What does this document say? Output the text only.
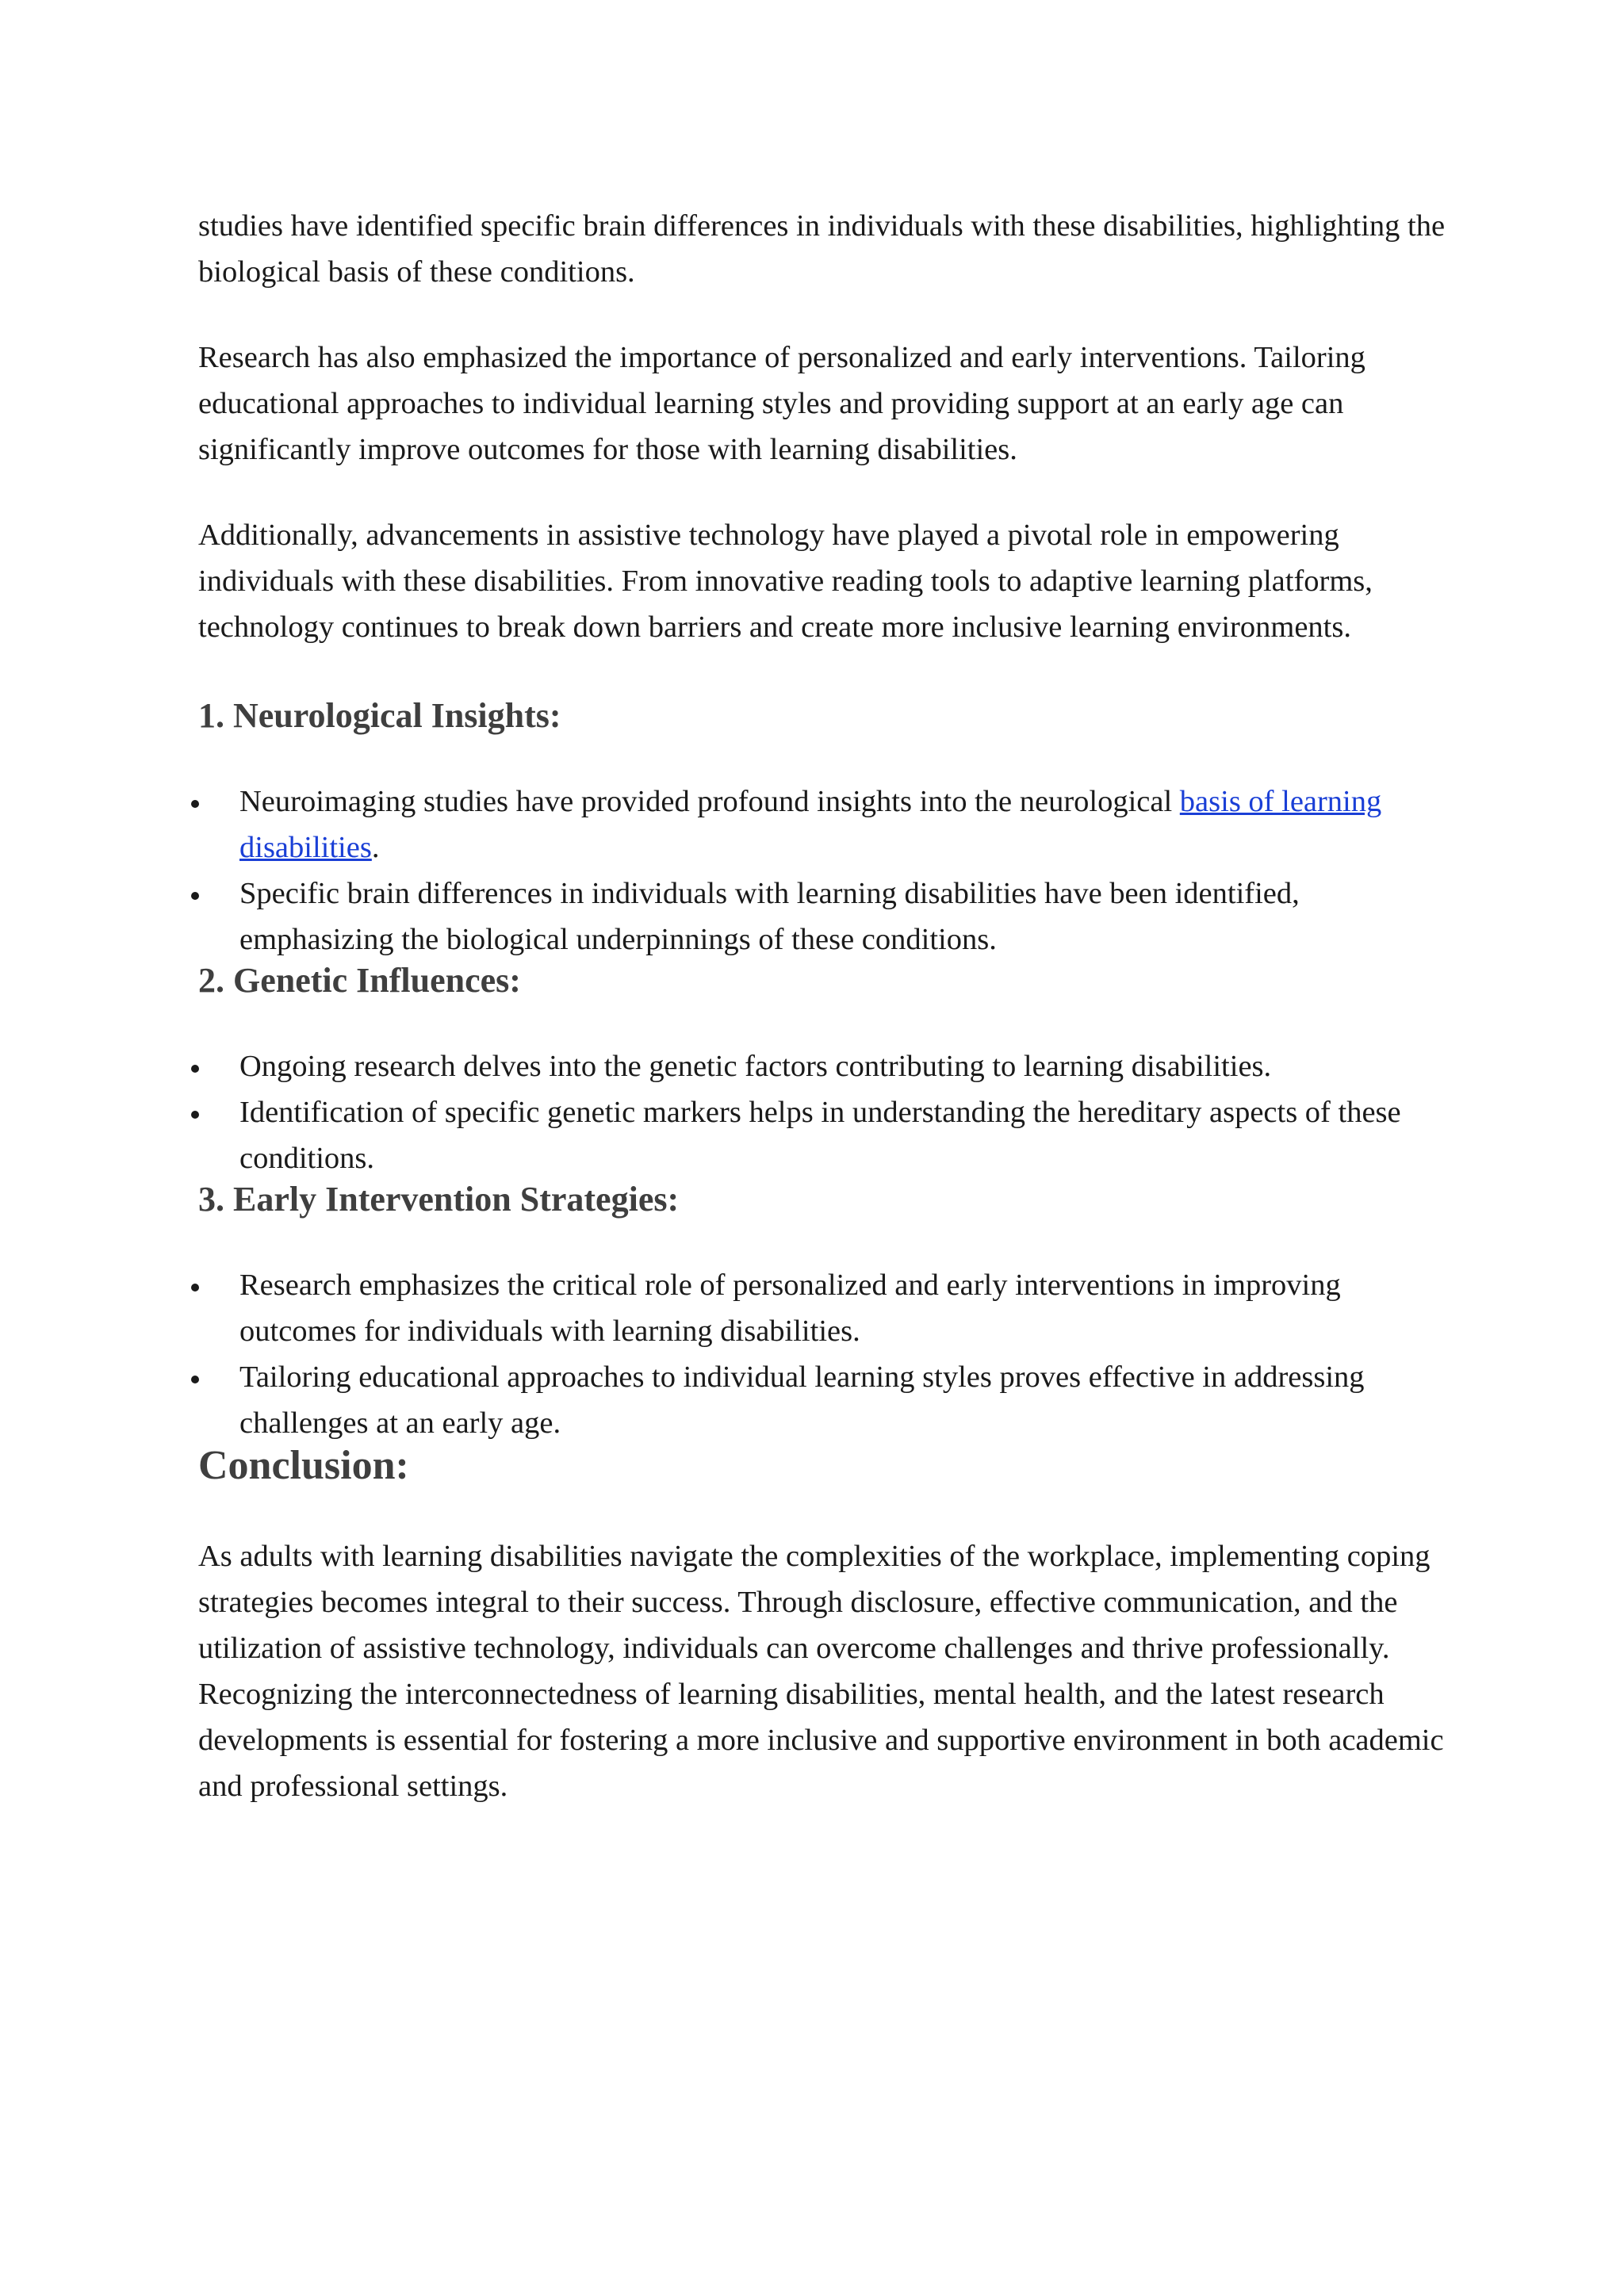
studies have identified specific brain differences in individuals with these disabilities, highlighting the biological basis of these conditions.

Research has also emphasized the importance of personalized and early interventions. Tailoring educational approaches to individual learning styles and providing support at an early age can significantly improve outcomes for those with learning disabilities.

Additionally, advancements in assistive technology have played a pivotal role in empowering individuals with these disabilities. From innovative reading tools to adaptive learning platforms, technology continues to break down barriers and create more inclusive learning environments.

1. Neurological Insights:
Neuroimaging studies have provided profound insights into the neurological basis of learning disabilities.
Specific brain differences in individuals with learning disabilities have been identified, emphasizing the biological underpinnings of these conditions.
2. Genetic Influences:
Ongoing research delves into the genetic factors contributing to learning disabilities.
Identification of specific genetic markers helps in understanding the hereditary aspects of these conditions.
3. Early Intervention Strategies:
Research emphasizes the critical role of personalized and early interventions in improving outcomes for individuals with learning disabilities.
Tailoring educational approaches to individual learning styles proves effective in addressing challenges at an early age.
Conclusion:

As adults with learning disabilities navigate the complexities of the workplace, implementing coping strategies becomes integral to their success. Through disclosure, effective communication, and the utilization of assistive technology, individuals can overcome challenges and thrive professionally. Recognizing the interconnectedness of learning disabilities, mental health, and the latest research developments is essential for fostering a more inclusive and supportive environment in both academic and professional settings.
